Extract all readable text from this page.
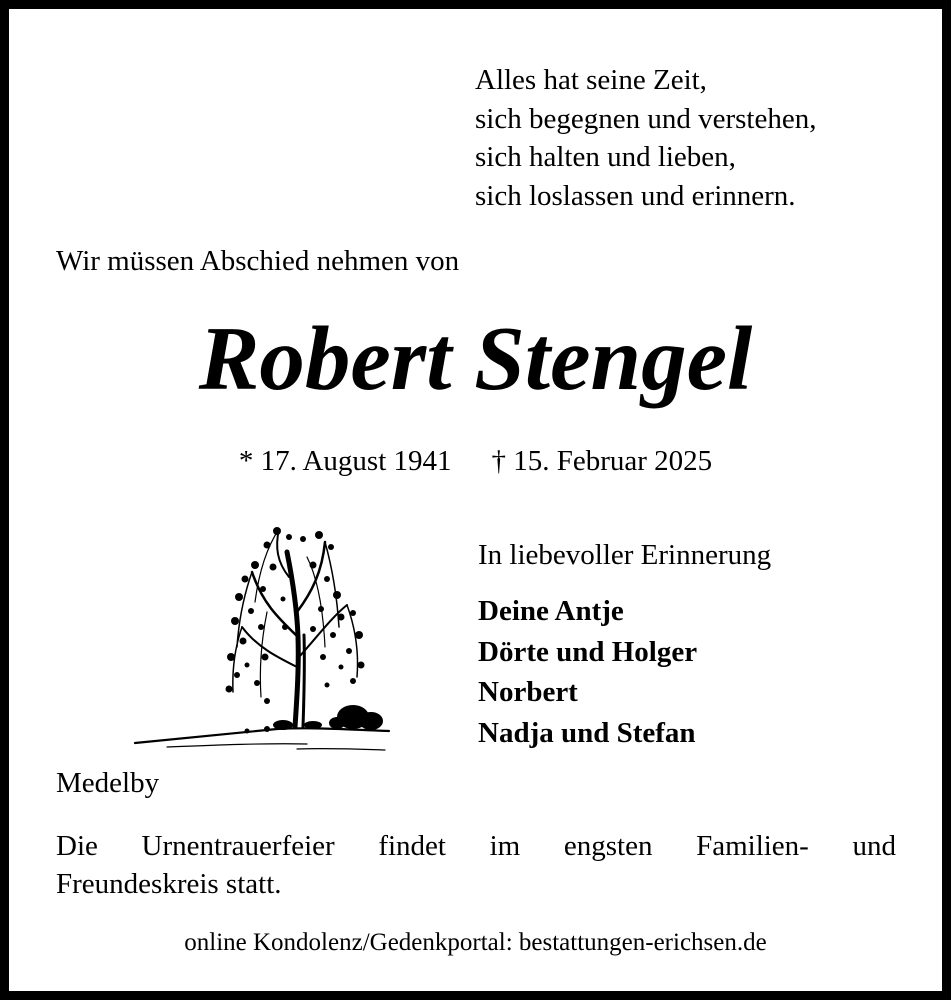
Alles hat seine Zeit,
sich begegnen und verstehen,
sich halten und lieben,
sich loslassen und erinnern.
Wir müssen Abschied nehmen von
Robert Stengel
* 17. August 1941 † 15. Februar 2025
In liebevoller Erinnerung
Deine Antje
Dörte und Holger
Norbert
Nadja und Stefan
Medelby
Die Urnentrauerfeier findet im engsten Familien- und
Freundeskreis statt.
online Kondolenz/Gedenkportal: bestattungen-erichsen.de
